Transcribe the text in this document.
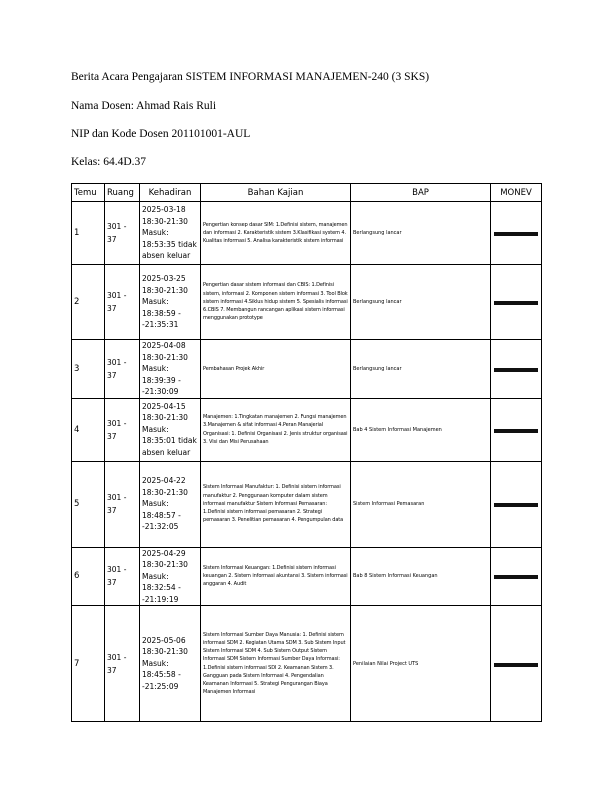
Berita Acara Pengajaran SISTEM INFORMASI MANAJEMEN-240 (3 SKS)
Nama Dosen: Ahmad Rais Ruli
NIP dan Kode Dosen 201101001-AUL
Kelas: 64.4D.37
Temu	Ruang	Kehadiran	Bahan Kajian	BAP	MONEV
1	301 - 37	2025-03-18 18:30-21:30 Masuk: 18:53:35 tidak absen keluar	Pengertian konsep dasar SIM: 1.Definisi sistem, manajemen dan informasi 2. Karakteristik sistem 3.Klasifikasi system 4. Kualitas informasi 5. Analisa karakteristik sistem informasi	Berlangsung lancar	
2	301 - 37	2025-03-25 18:30-21:30 Masuk: 18:38:59 --21:35:31	Pengertian dasar sistem informasi dan CBIS: 1.Definisi sistem, informasi 2. Komponen sistem informasi 3. Tool Blok sistem informasi 4.Siklus hidup sistem 5. Spesialis informasi 6.CBIS 7. Membangun rancangan aplikasi sistem informasi menggunakan prototype	Berlangsung lancar	
3	301 - 37	2025-04-08 18:30-21:30 Masuk: 18:39:39 --21:30:09	Pembahasan Projek Akhir	Berlangsung lancar	
4	301 - 37	2025-04-15 18:30-21:30 Masuk: 18:35:01 tidak absen keluar	Manajemen: 1.Tingkatan manajemen 2. Fungsi manajemen 3.Manajemen & sifat informasi 4.Peran Manajerial Organisasi: 1. Definisi Organisasi 2. Jenis struktur organisasi 3. Visi dan Misi Perusahaan	Bab 4 Sistem Informasi Manajemen	
5	301 - 37	2025-04-22 18:30-21:30 Masuk: 18:48:57 --21:32:05	Sistem Informasi Manufaktur: 1. Definisi sistem informasi manufaktur 2. Penggunaan komputer dalam sistem informasi manufaktur Sistem Informasi Pemasaran: 1.Definisi sistem informasi pemasaran 2. Strategi pemasaran 3. Penelitian pemasaran 4. Pengumpulan data	Sistem Informasi Pemasaran	
6	301 - 37	2025-04-29 18:30-21:30 Masuk: 18:32:54 --21:19:19	Sistem Informasi Keuangan: 1.Definisi sistem informasi keuangan 2. Sistem informasi akuntansi 3. Sistem informasi anggaran 4. Audit	Bab 8 Sistem Informasi Keuangan	
7	301 - 37	2025-05-06 18:30-21:30 Masuk: 18:45:58 --21:25:09	Sistem Informasi Sumber Daya Manusia: 1. Definisi sistem informasi SDM 2. Kegiatan Utama SDM 3. Sub Sistem Input Sistem Informasi SDM 4. Sub Sistem Output Sistem Informasi SDM Sistem Informasi Sumber Daya Informasi: 1.Definisi sistem informasi SDI 2. Keamanan Sistem 3. Gangguan pada Sistem Informasi 4. Pengendalian Keamanan Informasi 5. Strategi Pengurangan Biaya Manajemen Informasi	Penilaian Nilai Project UTS	
